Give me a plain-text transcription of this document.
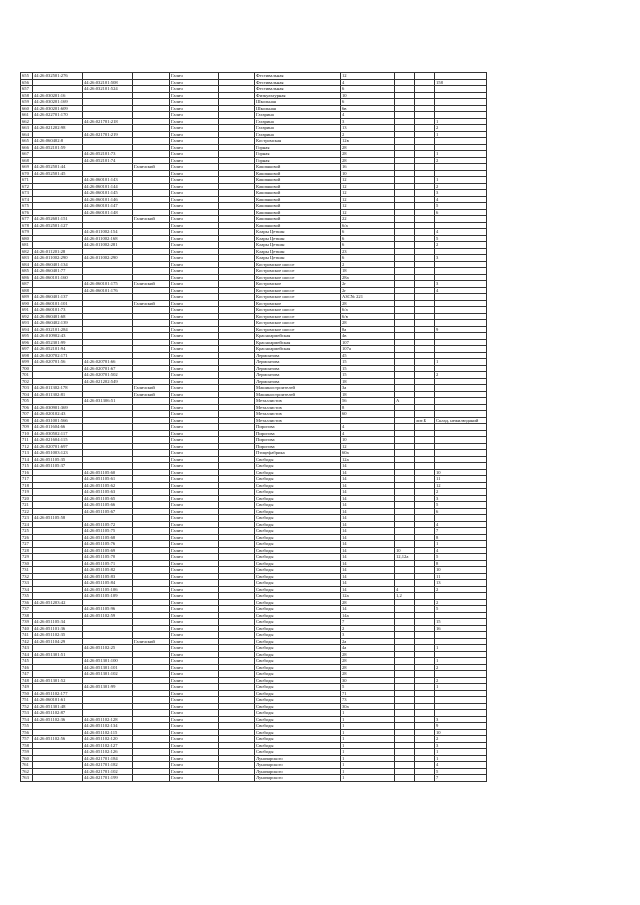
655	44:26:032501:276			Галич		Фестивальная	12			
656		44:26:032101:508		Галич		Фестивальная	4			158
657		44:26:032101:524		Галич		Фестивальная	6			
658	44:26:030201:16			Галич		Физкультурная	10			
659	44:26:030201:169			Галич		Школьная	6			
660	44:26:030201:609			Галич		Школьная	6в			
661	44:26:022701:170			Галич		Гагарина	4			
662		44:26:021701:218		Галич		Гагарина	3			1
663	44:26:021202:98			Галич		Гагарина	13			2
664		44:26:021701:219		Галич		Гагарина	2			1
665	44:26:060402:8			Галич		Костромская	12в			
666	44:26:052101:59			Галич		Горная	28			
667		44:26:052101:73		Галич		Горная	28			1
668		44:26:052101:74		Галич		Горная	28			2
669	44:26:052501:44		Галичский	Галич		Кашпяковой	16			
670	44:26:052501:45			Галич		Кашпяковой	10			
671		44:26:060101:143		Галич		Кашпяковой	12			1
672		44:26:060101:144		Галич		Кашпяковой	12			2
673		44:26:060101:145		Галич		Кашпяковой	12			3
674		44:26:060101:146		Галич		Кашпяковой	12			4
675		44:26:060101:147		Галич		Кашпяковой	12			5
676		44:26:060101:148		Галич		Кашпяковой	12			6
677	44:26:052601:151		Галичский	Галич		Кашпяковой	22			
678	44:26:052501:127			Галич		Кашпяковой	6/а			
679		44:26:011002:154		Галич		Клары Цеткин	6			4
680		44:26:011002:168		Галич		Клары Цеткин	6			5
681		44:26:011002:281		Галич		Клары Цеткин	6			2
682	44:26:011201:28			Галич		Клары Цеткин	23			
683	44:26:011002:290	44:26:011002:290		Галич		Клары Цеткин	6			3
684	44:26:060401:134			Галич		Костромское шоссе	2			
685	44:26:060401:77			Галич		Костромское шоссе	18			
686	44:26:060101:160			Галич		Костромское шоссе	28а			
687		44:26:060101:175	Галичский	Галич		Костромское	2г			3
688		44:26:060101:176		Галич		Костромское шоссе	2г			4
689	44:26:060401:137			Галич		Костромское шоссе	АЗС№ 221			
690	44:26:060101:101		Галичский	Галич		Костромское	28			
691	44:26:060101:73			Галич		Костромское шоссе	6/а			
692	44:26:060401:68			Галич		Костромское шоссе	6/в			
693	44:26:060402:139			Галич		Костромское шоссе	28			
694	44:26:032101:284			Галич		Костромское шоссе	8а			9
695	44:26:010902:43			Галич		Красноармейская	4в			
696	44:26:052301:99			Галич		Красноармейская	107			
697	44:26:052101:94			Галич		Красноармейская	107а			
698	44:26:020702:171			Галич		Лермонтова	45			
699	44:26:020701:56	44:26:020701:66		Галич		Лермонтова	15			1
700		44:26:020701:67		Галич		Лермонтова	15			
701		44:26:020701:502		Галич		Лермонтова	15			2
702		44:26:021202:549		Галич		Лермонтова	18			
703	44:26:011302:178		Галичский	Галич		Машиностроителей	3а			
704	44:26:011302:81		Галичский	Галич		Машиностроителей	18			
705		44:26:031306:51		Галич		Металлистов	56	А		
706	44:26:030901:369			Галич		Металлистов	8			
707	44:26:020102:43			Галич		Металлистов	60			
708	44:26:031001:566			Галич		Металлистов			лит.Б	Склад, нежилвзданий
709	44:26:011604:66			Галич		Пирогова	4			
710	44:26:030502:117			Галич		Пирогова	4			
711	44:26:021604:115			Галич		Пирогова	10			
712	44:26:020701:697			Галич		Пирогова	12			
713	44:26:051003:123			Галич		Птицефабрика	60а			
714	44:26:051105:35			Галич		Свободы	12а			
715	44:26:051105:37			Галич		Свободы	14			
716		44:26:051105:60		Галич		Свободы	14			10
717		44:26:051105:61		Галич		Свободы	14			11
718		44:26:051105:62		Галич		Свободы	14			12
719		44:26:051105:63		Галич		Свободы	14			2
720		44:26:051105:65		Галич		Свободы	14			3
721		44:26:051105:66		Галич		Свободы	14			5
722		44:26:051105:67		Галич		Свободы	14			6
723	44:26:051105:58			Галич		Свободы	14			
724		44:26:051105:72		Галич		Свободы	14			4
725		44:26:051105:75		Галич		Свободы	14			7
726		44:26:051105:68		Галич		Свободы	14			8
727		44:26:051105:76		Галич		Свободы	14			1
728		44:26:051105:69		Галич		Свободы	14	10		4
729		44:26:051105:70		Галич		Свободы	14	12,12а		5
730		44:26:051105:71		Галич		Свободы	14			8
731		44:26:051105:82		Галич		Свободы	14			10
732		44:26:051105:83		Галич		Свободы	14			11
733		44:26:051105:84		Галич		Свободы	14			13
734		44:26:051105:106		Галич		Свободы	14	4		2
735		44:26:051105:109		Галич		Свободы	12а	1,2		
736	44:26:051203:42			Галич		Свободы	28			2
737		44:26:051105:96		Галич		Свободы	14			5
738		44:26:051102:59		Галич		Свободы	14а			
739	44:26:051105:34			Галич		Свободы	7			15
740	44:26:051101:36			Галич		Свободы	2			16
741	44:26:051102:35			Галич		Свободы	3			
742	44:26:051104:29		Галичский	Галич		Свободы	2а			
743		44:26:051102:25		Галич		Свободы	4а			1
744	44:26:051301:51			Галич		Свободы	28			
745		44:26:051301:100		Галич		Свободы	28			1
746		44:26:051301:101		Галич		Свободы	28			2
747		44:26:051301:102		Галич		Свободы	28			
748	44:26:051301:52			Галич		Свободы	30			2
749		44:26:051301:99		Галич		Свободы	5			1
750	44:26:051102:177			Галич		Свободы	71			
751	44:26:060101:61			Галич		Свободы	73			
752	44:26:051301:48			Галич		Свободы	30а			
753	44:26:051102:87			Галич		Свободы	1			
754	44:26:051102:36	44:26:051102:128		Галич		Свободы	1			3
755		44:26:051102:134		Галич		Свободы	1			9
756		44:26:051102:115		Галич		Свободы	1			10
757	44:26:051102:56	44:26:051102:120		Галич		Свободы	1			2
758		44:26:051102:127		Галич		Свободы	1			3
759		44:26:051102:126		Галич		Свободы	1			1
760		44:26:021701:184		Галич		Луначарского	1			1
761		44:26:021701:182		Галич		Луначарского	1			4
762		44:26:021701:102		Галич		Луначарского	1			5
763		44:26:021701:199		Галич		Луначарского	1			7
